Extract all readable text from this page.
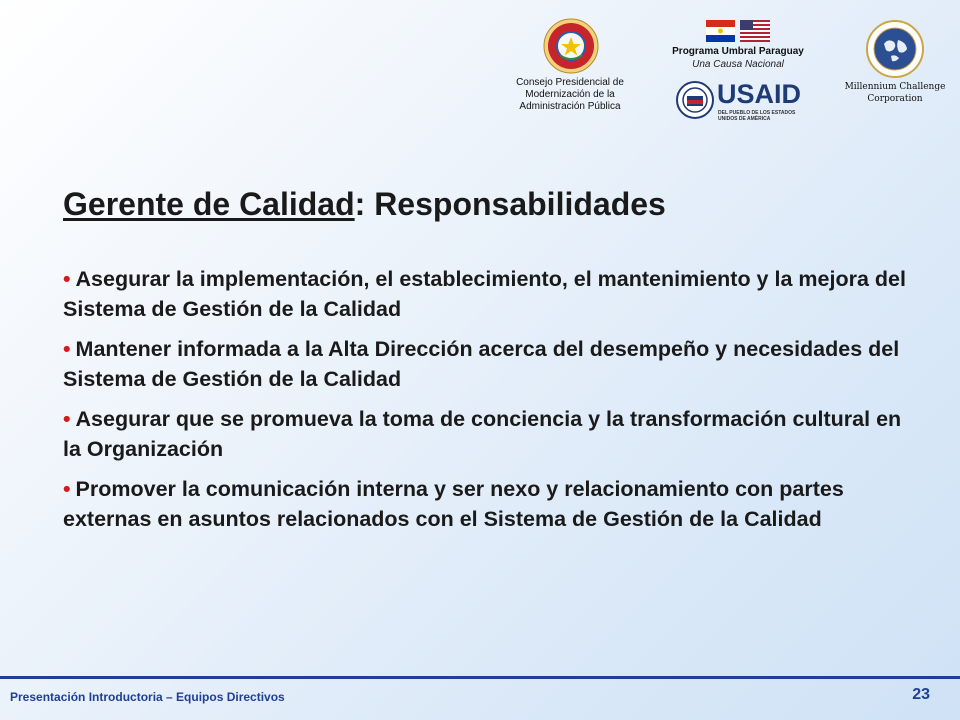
Consejo Presidencial de
Modernización de la
Administración Pública
Programa Umbral Paraguay
Una Causa Nacional
USAID
DEL PUEBLO DE LOS ESTADOS
UNIDOS DE AMÉRICA
Millennium Challenge
Corporation
Gerente de Calidad: Responsabilidades
• Asegurar la implementación, el establecimiento, el mantenimiento y la mejora del Sistema de Gestión de la Calidad
• Mantener informada a la Alta Dirección acerca del desempeño y necesidades del Sistema de Gestión de la Calidad
• Asegurar que se promueva la toma de conciencia y la transformación cultural en la Organización
• Promover la comunicación interna y ser nexo y relacionamiento con partes externas en asuntos relacionados con el Sistema de Gestión de la Calidad
Presentación Introductoria – Equipos Directivos	23
